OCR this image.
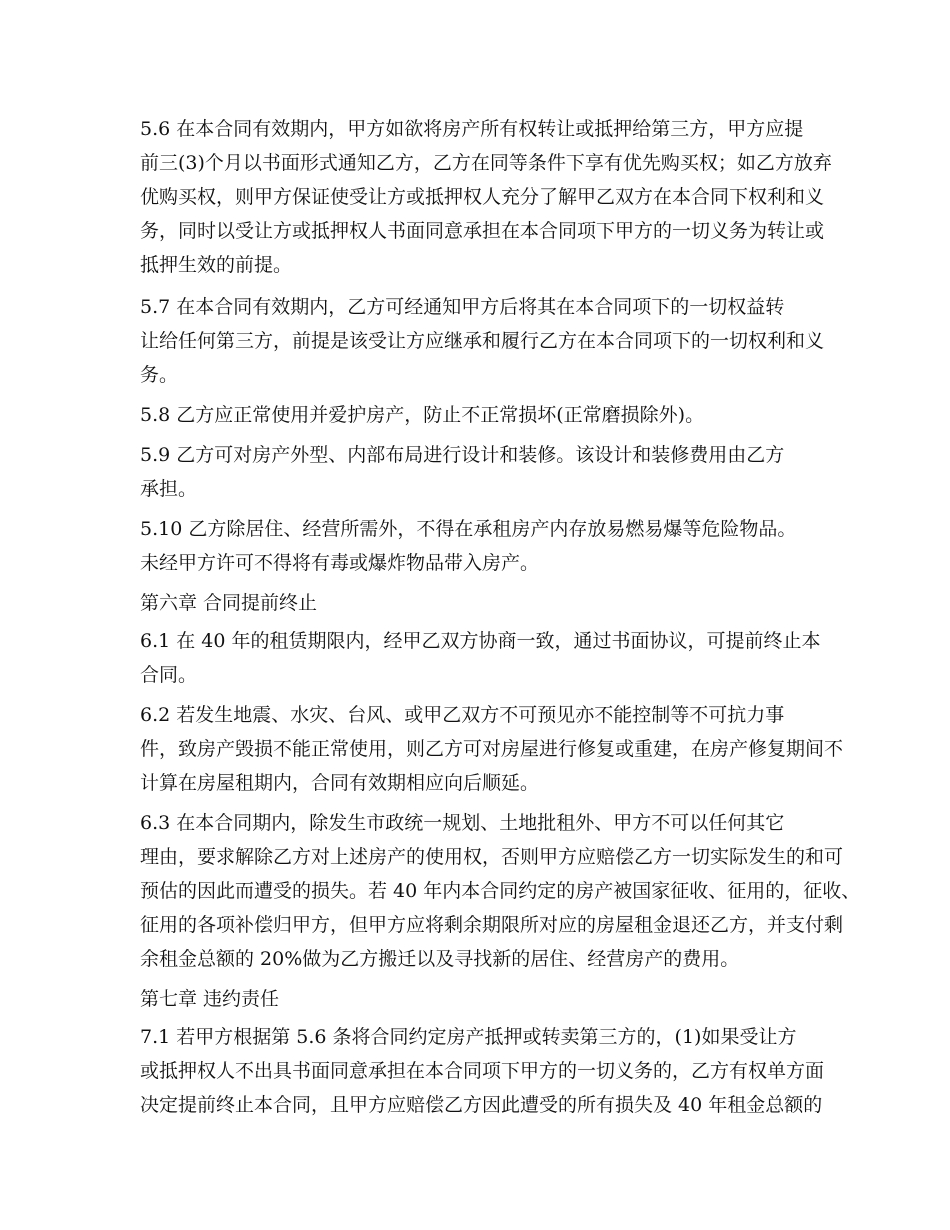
5.6 在本合同有效期内，甲方如欲将房产所有权转让或抵押给第三方，甲方应提
前三(3)个月以书面形式通知乙方，乙方在同等条件下享有优先购买权；如乙方放弃
优购买权，则甲方保证使受让方或抵押权人充分了解甲乙双方在本合同下权利和义
务，同时以受让方或抵押权人书面同意承担在本合同项下甲方的一切义务为转让或
抵押生效的前提。
5.7 在本合同有效期内，乙方可经通知甲方后将其在本合同项下的一切权益转
让给任何第三方，前提是该受让方应继承和履行乙方在本合同项下的一切权利和义
务。
5.8 乙方应正常使用并爱护房产，防止不正常损坏(正常磨损除外)。
5.9 乙方可对房产外型、内部布局进行设计和装修。该设计和装修费用由乙方
承担。
5.10 乙方除居住、经营所需外，不得在承租房产内存放易燃易爆等危险物品。
未经甲方许可不得将有毒或爆炸物品带入房产。
第六章 合同提前终止
6.1 在 40 年的租赁期限内，经甲乙双方协商一致，通过书面协议，可提前终止本
合同。
6.2 若发生地震、水灾、台风、或甲乙双方不可预见亦不能控制等不可抗力事
件，致房产毁损不能正常使用，则乙方可对房屋进行修复或重建，在房产修复期间不
计算在房屋租期内，合同有效期相应向后顺延。
6.3 在本合同期内，除发生市政统一规划、土地批租外、甲方不可以任何其它
理由，要求解除乙方对上述房产的使用权，否则甲方应赔偿乙方一切实际发生的和可
预估的因此而遭受的损失。若 40 年内本合同约定的房产被国家征收、征用的，征收、
征用的各项补偿归甲方，但甲方应将剩余期限所对应的房屋租金退还乙方，并支付剩
余租金总额的 20%做为乙方搬迁以及寻找新的居住、经营房产的费用。
第七章 违约责任
7.1 若甲方根据第 5.6 条将合同约定房产抵押或转卖第三方的，(1)如果受让方
或抵押权人不出具书面同意承担在本合同项下甲方的一切义务的，乙方有权单方面
决定提前终止本合同，且甲方应赔偿乙方因此遭受的所有损失及 40 年租金总额的
